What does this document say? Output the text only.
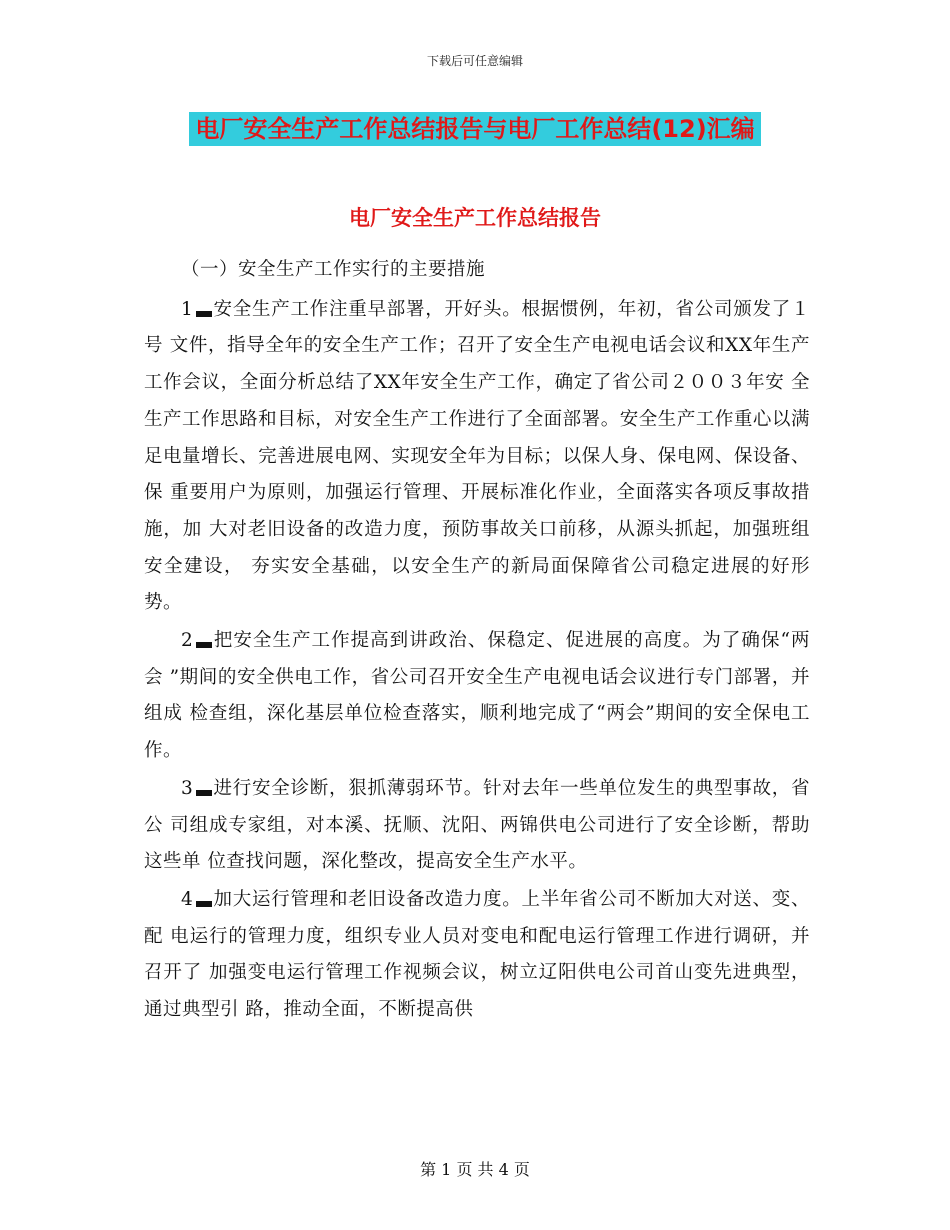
下载后可任意编辑
电厂安全生产工作总结报告与电厂工作总结(12)汇编
电厂安全生产工作总结报告

（一）安全生产工作实行的主要措施

1 安全生产工作注重早部署，开好头。根据惯例，年初，省公司颁发了１号 文件，指导全年的安全生产工作；召开了安全生产电视电话会议和XX年生产 工作会议，全面分析总结了XX年安全生产工作，确定了省公司２００３年安 全生产工作思路和目标，对安全生产工作进行了全面部署。安全生产工作重心以满 足电量增长、完善进展电网、实现安全年为目标；以保人身、保电网、保设备、保 重要用户为原则，加强运行管理、开展标准化作业，全面落实各项反事故措施，加 大对老旧设备的改造力度，预防事故关口前移，从源头抓起，加强班组安全建设， 夯实安全基础，以安全生产的新局面保障省公司稳定进展的好形势。

2 把安全生产工作提高到讲政治、保稳定、促进展的高度。为了确保“两会 ”期间的安全供电工作，省公司召开安全生产电视电话会议进行专门部署，并组成 检查组，深化基层单位检查落实，顺利地完成了“两会”期间的安全保电工作。

3 进行安全诊断，狠抓薄弱环节。针对去年一些单位发生的典型事故，省公 司组成专家组，对本溪、抚顺、沈阳、两锦供电公司进行了安全诊断，帮助这些单 位查找问题，深化整改，提高安全生产水平。

4 加大运行管理和老旧设备改造力度。上半年省公司不断加大对送、变、配 电运行的管理力度，组织专业人员对变电和配电运行管理工作进行调研，并召开了 加强变电运行管理工作视频会议，树立辽阳供电公司首山变先进典型，通过典型引 路，推动全面，不断提高供

第 1 页 共 4 页
